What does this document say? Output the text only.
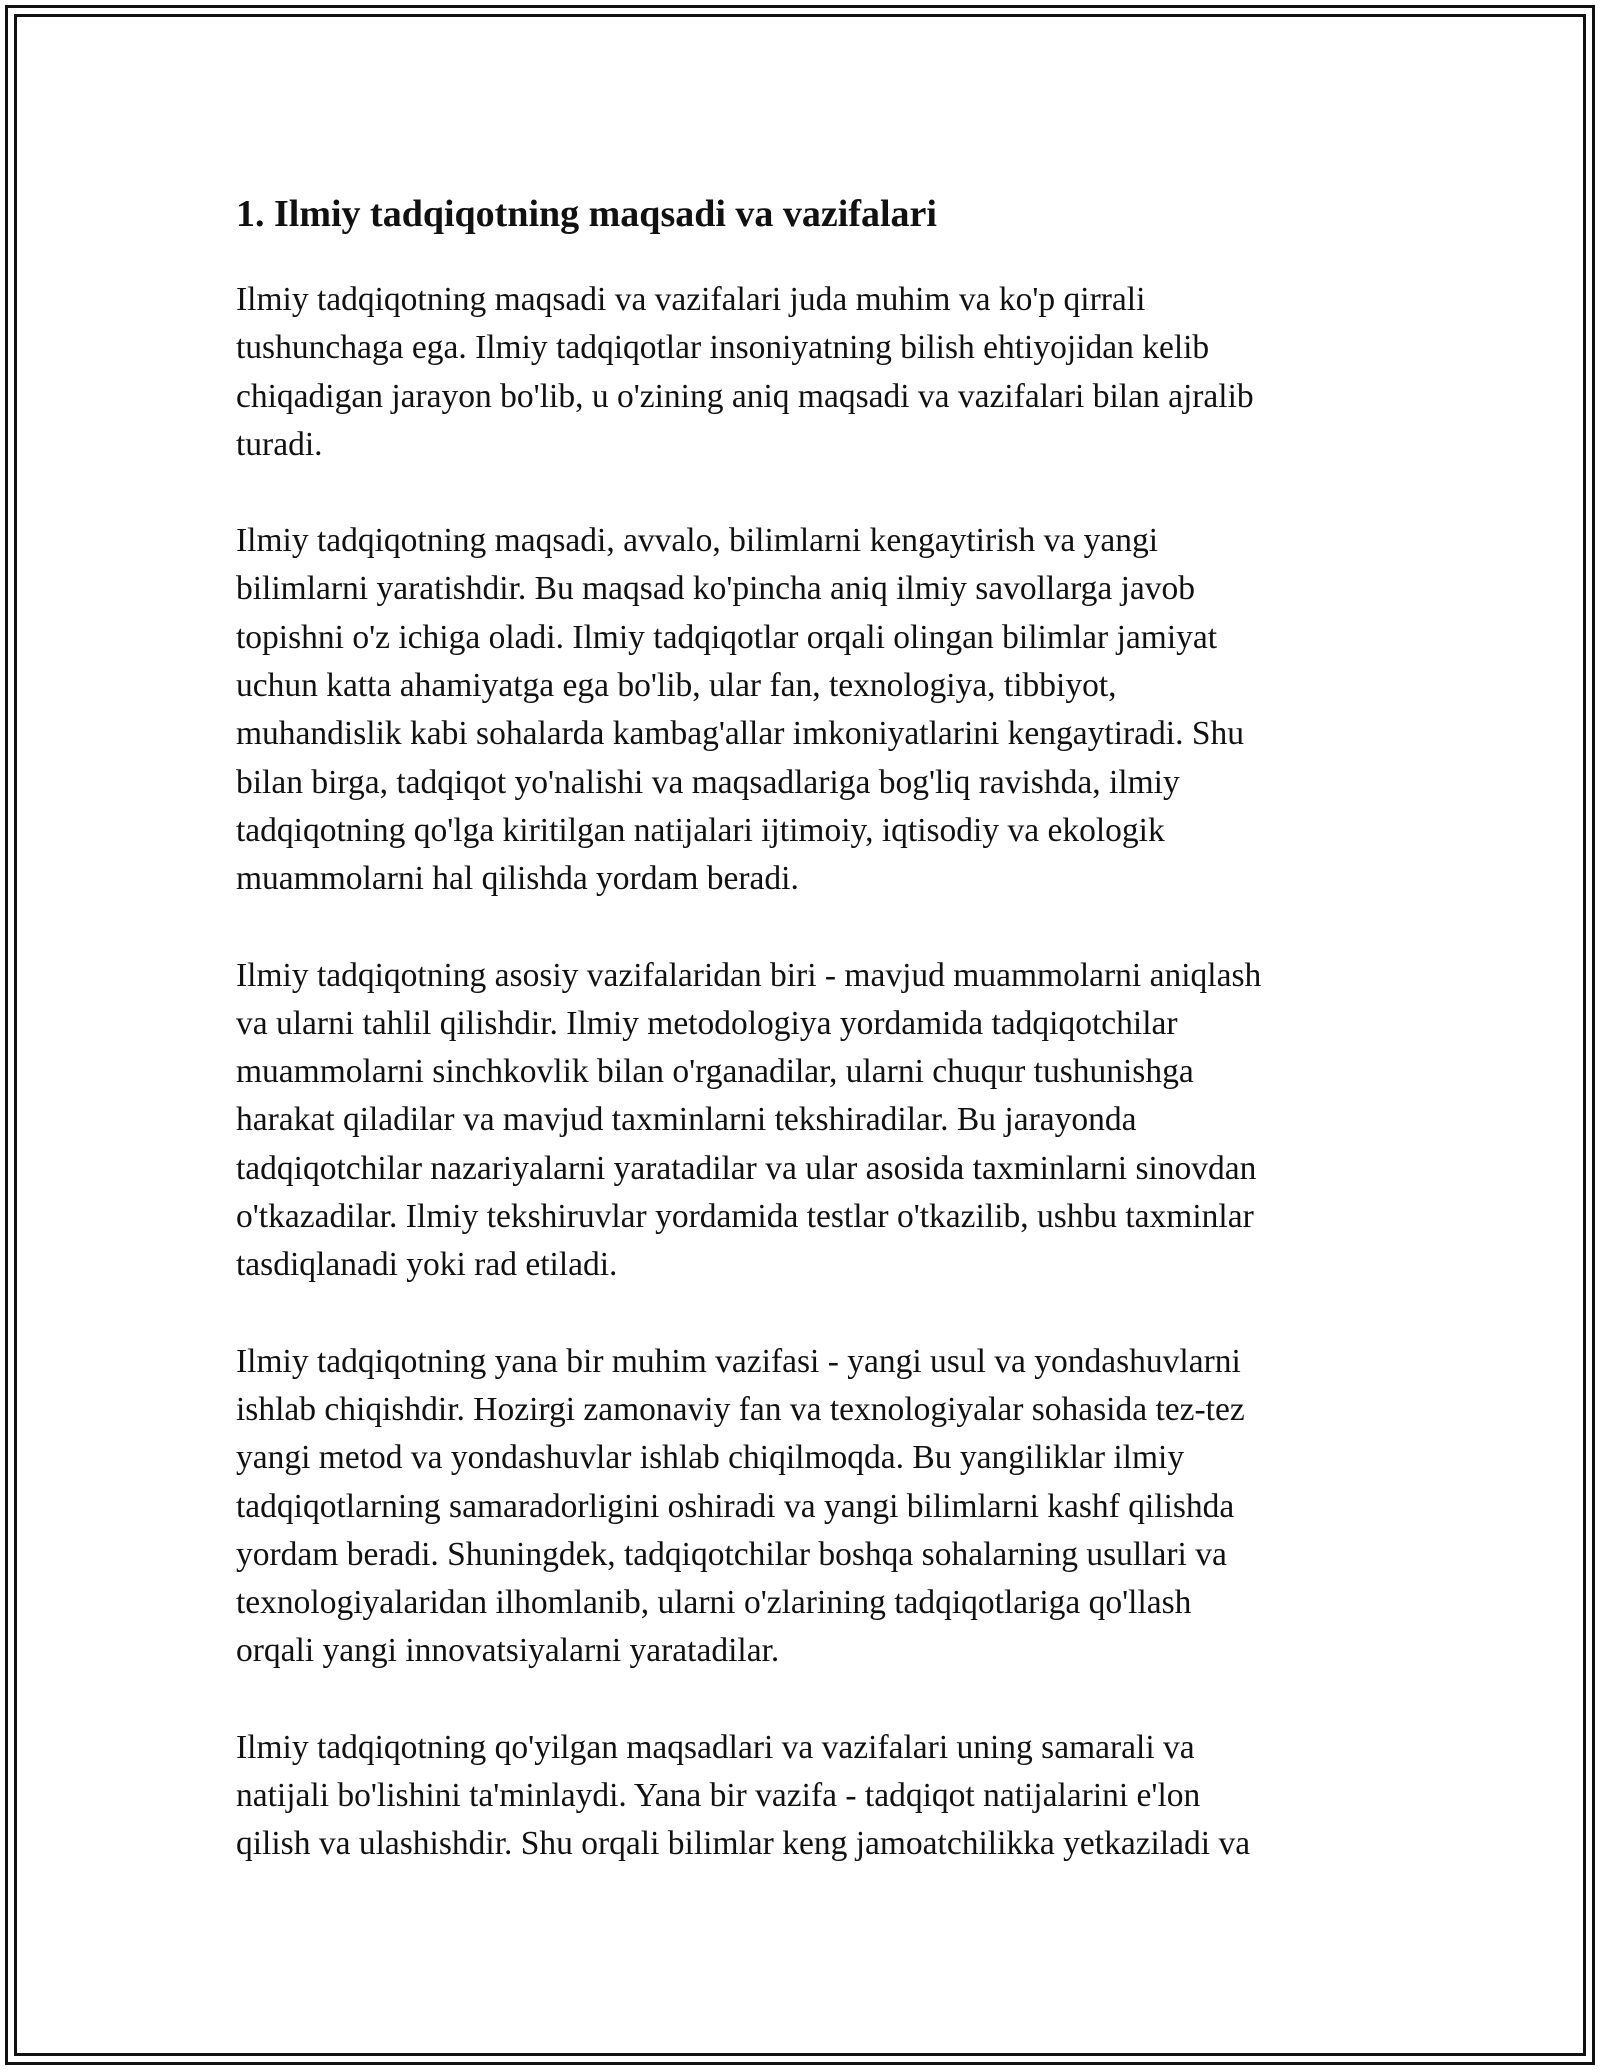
1. Ilmiy tadqiqotning maqsadi va vazifalari

Ilmiy tadqiqotning maqsadi va vazifalari juda muhim va ko'p qirrali
tushunchaga ega. Ilmiy tadqiqotlar insoniyatning bilish ehtiyojidan kelib
chiqadigan jarayon bo'lib, u o'zining aniq maqsadi va vazifalari bilan ajralib
turadi.

Ilmiy tadqiqotning maqsadi, avvalo, bilimlarni kengaytirish va yangi
bilimlarni yaratishdir. Bu maqsad ko'pincha aniq ilmiy savollarga javob
topishni o'z ichiga oladi. Ilmiy tadqiqotlar orqali olingan bilimlar jamiyat
uchun katta ahamiyatga ega bo'lib, ular fan, texnologiya, tibbiyot,
muhandislik kabi sohalarda kambag'allar imkoniyatlarini kengaytiradi. Shu
bilan birga, tadqiqot yo'nalishi va maqsadlariga bog'liq ravishda, ilmiy
tadqiqotning qo'lga kiritilgan natijalari ijtimoiy, iqtisodiy va ekologik
muammolarni hal qilishda yordam beradi.

Ilmiy tadqiqotning asosiy vazifalaridan biri - mavjud muammolarni aniqlash
va ularni tahlil qilishdir. Ilmiy metodologiya yordamida tadqiqotchilar
muammolarni sinchkovlik bilan o'rganadilar, ularni chuqur tushunishga
harakat qiladilar va mavjud taxminlarni tekshiradilar. Bu jarayonda
tadqiqotchilar nazariyalarni yaratadilar va ular asosida taxminlarni sinovdan
o'tkazadilar. Ilmiy tekshiruvlar yordamida testlar o'tkazilib, ushbu taxminlar
tasdiqlanadi yoki rad etiladi.

Ilmiy tadqiqotning yana bir muhim vazifasi - yangi usul va yondashuvlarni
ishlab chiqishdir. Hozirgi zamonaviy fan va texnologiyalar sohasida tez-tez
yangi metod va yondashuvlar ishlab chiqilmoqda. Bu yangiliklar ilmiy
tadqiqotlarning samaradorligini oshiradi va yangi bilimlarni kashf qilishda
yordam beradi. Shuningdek, tadqiqotchilar boshqa sohalarning usullari va
texnologiyalaridan ilhomlanib, ularni o'zlarining tadqiqotlariga qo'llash
orqali yangi innovatsiyalarni yaratadilar.

Ilmiy tadqiqotning qo'yilgan maqsadlari va vazifalari uning samarali va
natijali bo'lishini ta'minlaydi. Yana bir vazifa - tadqiqot natijalarini e'lon
qilish va ulashishdir. Shu orqali bilimlar keng jamoatchilikka yetkaziladi va
